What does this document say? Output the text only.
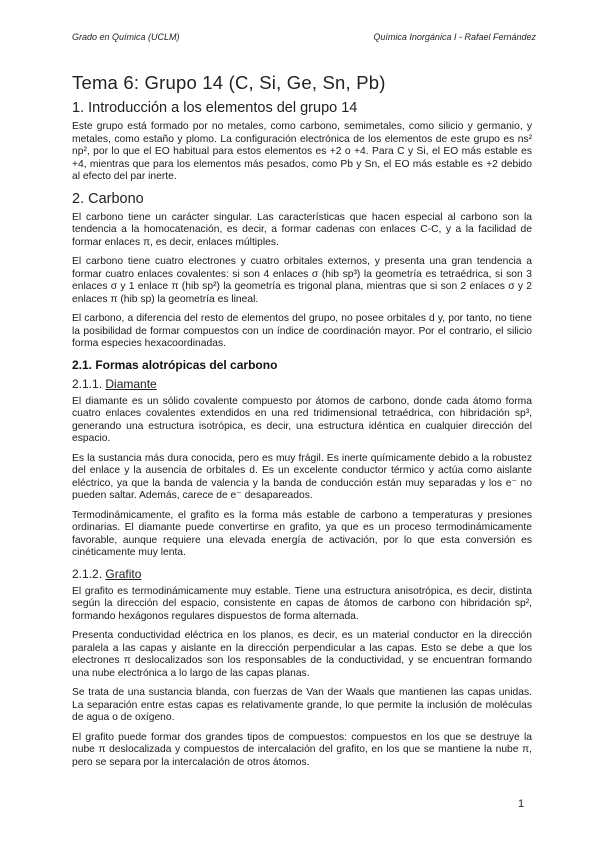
Grado en Química (UCLM)	Química Inorgánica I - Rafael Fernández
Tema 6: Grupo 14 (C, Si, Ge, Sn, Pb)
1. Introducción a los elementos del grupo 14

Este grupo está formado por no metales, como carbono, semimetales, como silicio y germanio, y metales, como estaño y plomo. La configuración electrónica de los elementos de este grupo es ns² np², por lo que el EO habitual para estos elementos es +2 o +4. Para C y Si, el EO más estable es +4, mientras que para los elementos más pesados, como Pb y Sn, el EO más estable es +2 debido al efecto del par inerte.

2. Carbono

El carbono tiene un carácter singular. Las características que hacen especial al carbono son la tendencia a la homocatenación, es decir, a formar cadenas con enlaces C-C, y a la facilidad de formar enlaces π, es decir, enlaces múltiples.

El carbono tiene cuatro electrones y cuatro orbitales externos, y presenta una gran tendencia a formar cuatro enlaces covalentes: si son 4 enlaces σ (hib sp³) la geometría es tetraédrica, si son 3 enlaces σ y 1 enlace π (hib sp²) la geometría es trigonal plana, mientras que si son 2 enlaces σ y 2 enlaces π (hib sp) la geometría es lineal.

El carbono, a diferencia del resto de elementos del grupo, no posee orbitales d y, por tanto, no tiene la posibilidad de formar compuestos con un índice de coordinación mayor. Por el contrario, el silicio forma especies hexacoordinadas.

2.1. Formas alotrópicas del carbono
2.1.1. Diamante

El diamante es un sólido covalente compuesto por átomos de carbono, donde cada átomo forma cuatro enlaces covalentes extendidos en una red tridimensional tetraédrica, con hibridación sp³, generando una estructura isotrópica, es decir, una estructura idéntica en cualquier dirección del espacio.

Es la sustancia más dura conocida, pero es muy frágil. Es inerte químicamente debido a la robustez del enlace y la ausencia de orbitales d. Es un excelente conductor térmico y actúa como aislante eléctrico, ya que la banda de valencia y la banda de conducción están muy separadas y los e⁻ no pueden saltar. Además, carece de e⁻ desapareados.

Termodinámicamente, el grafito es la forma más estable de carbono a temperaturas y presiones ordinarias. El diamante puede convertirse en grafito, ya que es un proceso termodinámicamente favorable, aunque requiere una elevada energía de activación, por lo que esta conversión es cinéticamente muy lenta.

2.1.2. Grafito

El grafito es termodinámicamente muy estable. Tiene una estructura anisotrópica, es decir, distinta según la dirección del espacio, consistente en capas de átomos de carbono con hibridación sp², formando hexágonos regulares dispuestos de forma alternada.

Presenta conductividad eléctrica en los planos, es decir, es un material conductor en la dirección paralela a las capas y aislante en la dirección perpendicular a las capas. Esto se debe a que los electrones π deslocalizados son los responsables de la conductividad, y se encuentran formando una nube electrónica a lo largo de las capas planas.

Se trata de una sustancia blanda, con fuerzas de Van der Waals que mantienen las capas unidas. La separación entre estas capas es relativamente grande, lo que permite la inclusión de moléculas de agua o de oxígeno.

El grafito puede formar dos grandes tipos de compuestos: compuestos en los que se destruye la nube π deslocalizada y compuestos de intercalación del grafito, en los que se mantiene la nube π, pero se separa por la intercalación de otros átomos.

1
